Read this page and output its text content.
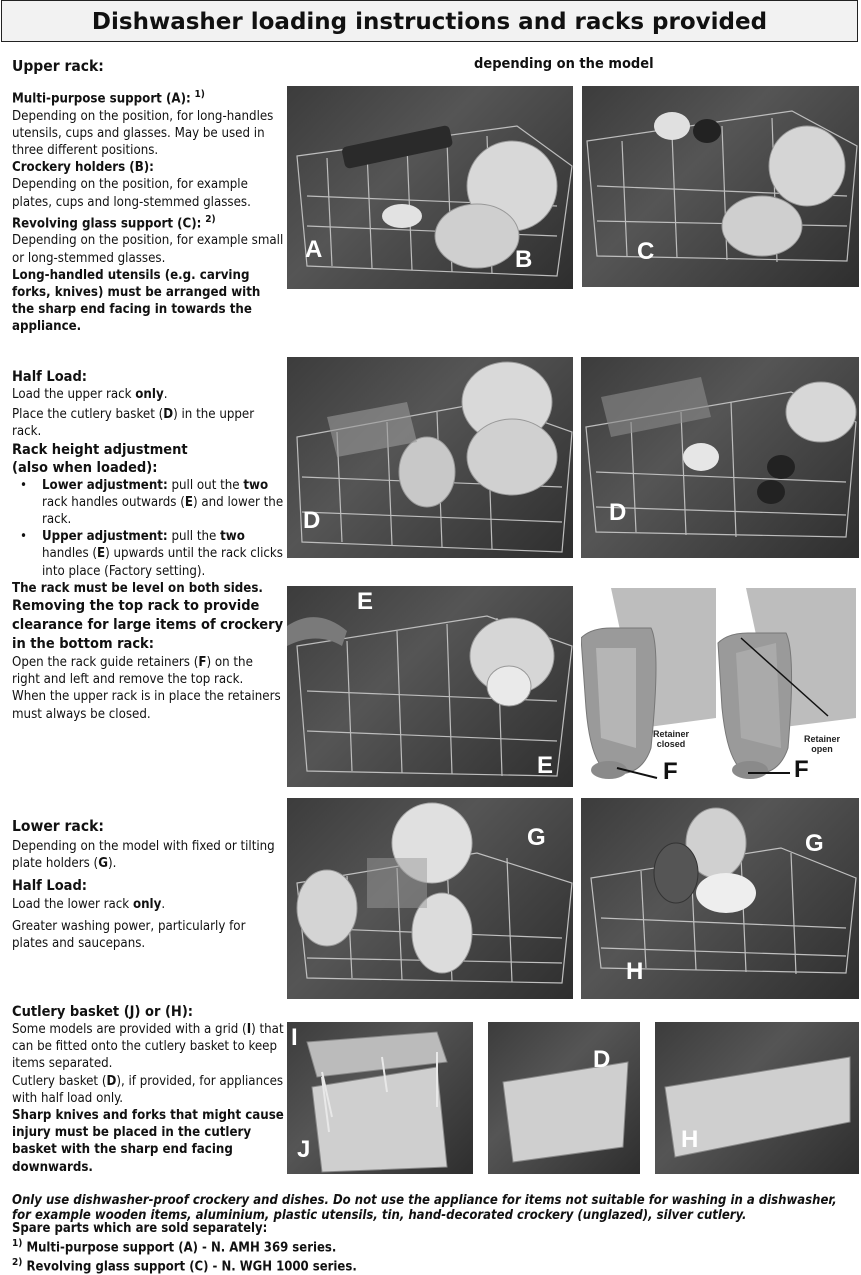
Dishwasher loading instructions and racks provided
Upper rack:	depending on the model
Multi-purpose support (A): $^{1)}$
Depending on the position, for long-handles utensils, cups and glasses. May be used in three different positions.
Crockery holders (B):
Depending on the position, for example plates, cups and long-stemmed glasses.
Revolving glass support (C): $^{2)}$
Depending on the position, for example small or long-stemmed glasses.
Long-handled utensils (e.g. carving forks, knives) must be arranged with the sharp end facing in towards the appliance.
Half Load:
Load the upper rack only.
Place the cutlery basket (D) in the upper rack.
Rack height adjustment
(also when loaded):
• Lower adjustment: pull out the two rack handles outwards (E) and lower the rack.
• Upper adjustment: pull the two handles (E) upwards until the rack clicks into place (Factory setting).
The rack must be level on both sides.
Removing the top rack to provide clearance for large items of crockery in the bottom rack:
Open the rack guide retainers (F) on the right and left and remove the top rack.
When the upper rack is in place the retainers must always be closed.
Lower rack:
Depending on the model with fixed or tilting plate holders (G).
Half Load:
Load the lower rack only.
Greater washing power, particularly for plates and saucepans.
Cutlery basket (J) or (H):
Some models are provided with a grid (I) that can be fitted onto the cutlery basket to keep items separated.
Cutlery basket (D), if provided, for appliances with half load only.
Sharp knives and forks that might cause injury must be placed in the cutlery basket with the sharp end facing downwards.
Only use dishwasher-proof crockery and dishes. Do not use the appliance for items not suitable for washing in a dishwasher, for example wooden items, aluminium, plastic utensils, tin, hand-decorated crockery (unglazed), silver cutlery.
Spare parts which are sold separately:
$^{1)}$ Multi-purpose support (A) - N. AMH 369 series.
$^{2)}$ Revolving glass support (C) - N. WGH 1000 series.
A	B	C
D	D
E
E
Retainer
closed
F
Retainer
open
F
G	G
H
I
J
D
H
